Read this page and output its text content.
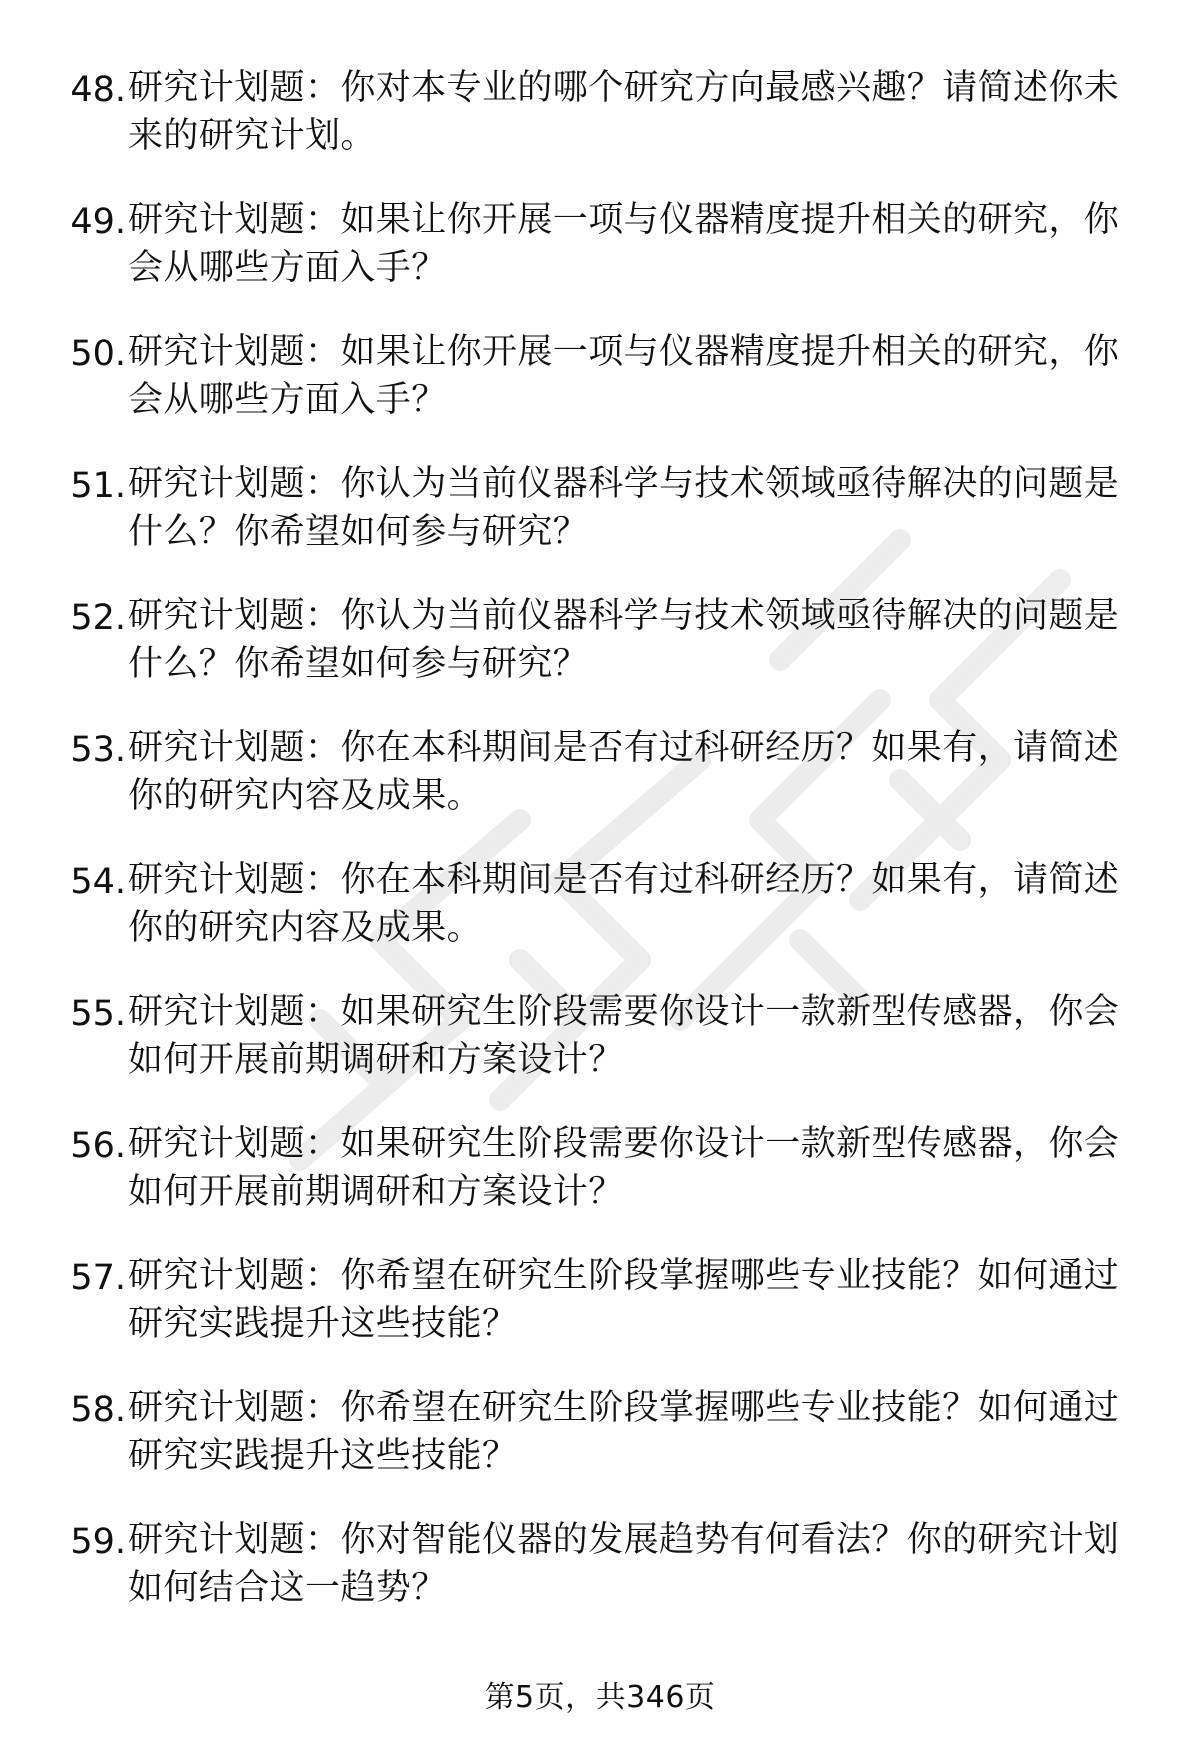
48. 研究计划题：你对本专业的哪个研究方向最感兴趣？请简述你未来的研究计划。
49. 研究计划题：如果让你开展一项与仪器精度提升相关的研究，你会从哪些方面入手？
50. 研究计划题：如果让你开展一项与仪器精度提升相关的研究，你会从哪些方面入手？
51. 研究计划题：你认为当前仪器科学与技术领域亟待解决的问题是什么？你希望如何参与研究？
52. 研究计划题：你认为当前仪器科学与技术领域亟待解决的问题是什么？你希望如何参与研究？
53. 研究计划题：你在本科期间是否有过科研经历？如果有，请简述你的研究内容及成果。
54. 研究计划题：你在本科期间是否有过科研经历？如果有，请简述你的研究内容及成果。
55. 研究计划题：如果研究生阶段需要你设计一款新型传感器，你会如何开展前期调研和方案设计？
56. 研究计划题：如果研究生阶段需要你设计一款新型传感器，你会如何开展前期调研和方案设计？
57. 研究计划题：你希望在研究生阶段掌握哪些专业技能？如何通过研究实践提升这些技能？
58. 研究计划题：你希望在研究生阶段掌握哪些专业技能？如何通过研究实践提升这些技能？
59. 研究计划题：你对智能仪器的发展趋势有何看法？你的研究计划如何结合这一趋势？
第5页，共346页
